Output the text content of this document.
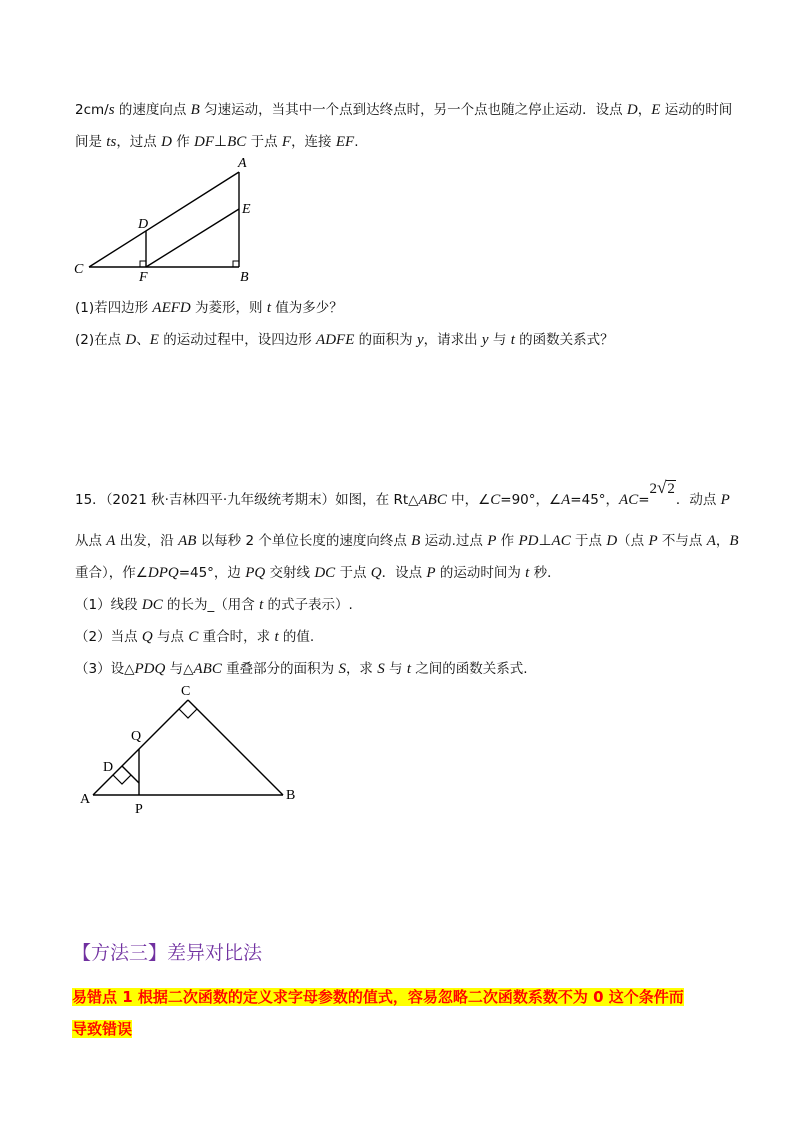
2cm/s 的速度向点 B 匀速运动，当其中一个点到达终点时，另一个点也随之停止运动．设点 D，E 运动的时间
间是 ts，过点 D 作 DF⊥BC 于点 F，连接 EF.
A
B
C
D
E
F
(1)若四边形 AEFD 为菱形，则 t 值为多少？
(2)在点 D、E 的运动过程中，设四边形 ADFE 的面积为 y，请求出 y 与 t 的函数关系式？
15．（2021 秋·吉林四平·九年级统考期末）如图，在 Rt△ABC 中，∠C=90°，∠A=45°，AC=2√2．动点 P
从点 A 出发，沿 AB 以每秒 2 个单位长度的速度向终点 B 运动.过点 P 作 PD⊥AC 于点 D（点 P 不与点 A，B
重合），作∠DPQ=45°，边 PQ 交射线 DC 于点 Q．设点 P 的运动时间为 t 秒．
（1）线段 DC 的长为_（用含 t 的式子表示）.
（2）当点 Q 与点 C 重合时，求 t 的值.
（3）设△PDQ 与△ABC 重叠部分的面积为 S，求 S 与 t 之间的函数关系式.
A	B
C
D
P
Q
【方法三】差异对比法
易错点 1 根据二次函数的定义求字母参数的值式，容易忽略二次函数系数不为 0 这个条件而
导致错误
